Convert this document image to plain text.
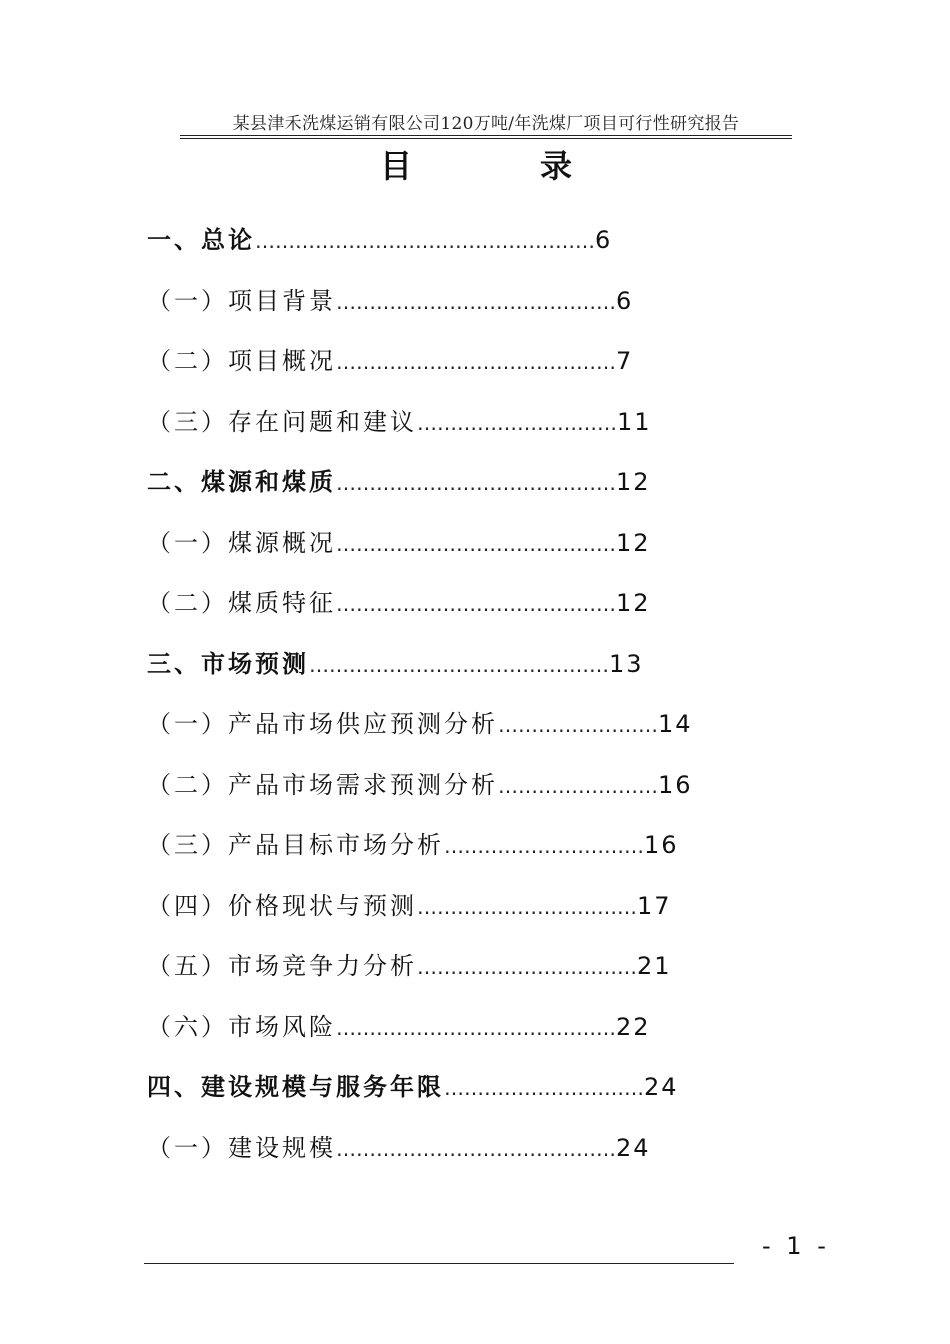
某县津禾洗煤运销有限公司120万吨/年洗煤厂项目可行性研究报告
目录
一、总论……………………………………………6
（一）项目背景……………………………………6
（二）项目概况……………………………………7
（三）存在问题和建议…………………………11
二、煤源和煤质……………………………………12
（一）煤源概况……………………………………12
（二）煤质特征……………………………………12
三、市场预测………………………………………13
（一）产品市场供应预测分析……………………14
（二）产品市场需求预测分析……………………16
（三）产品目标市场分析…………………………16
（四）价格现状与预测……………………………17
（五）市场竞争力分析……………………………21
（六）市场风险……………………………………22
四、建设规模与服务年限…………………………24
（一）建设规模……………………………………24
- 1 -
